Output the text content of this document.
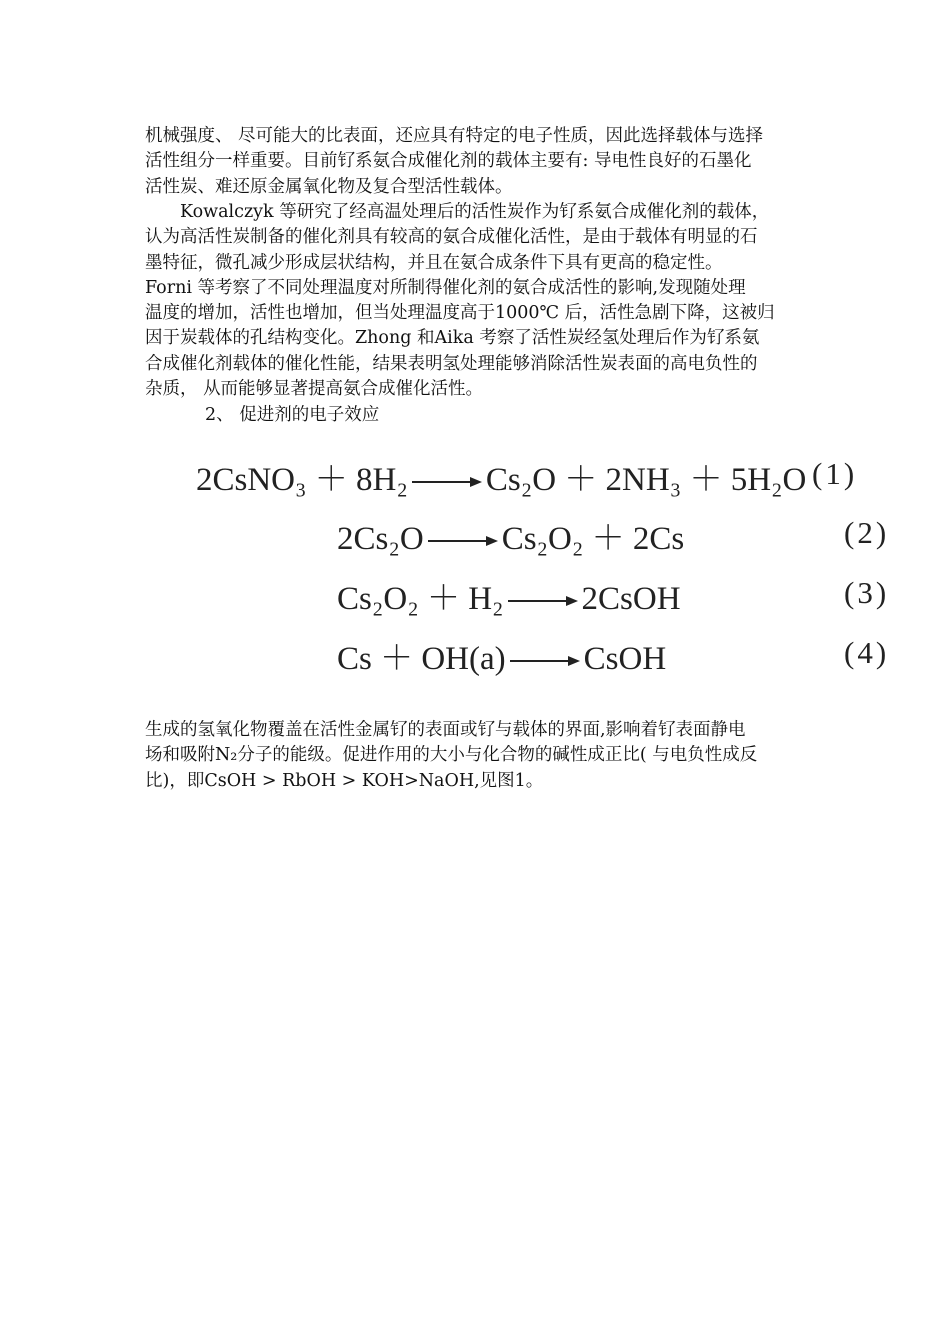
机械强度、 尽可能大的比表面，还应具有特定的电子性质，因此选择载体与选择
活性组分一样重要。目前钌系氨合成催化剂的载体主要有: 导电性良好的石墨化
活性炭、难还原金属氧化物及复合型活性载体。

　　Kowalczyk 等研究了经高温处理后的活性炭作为钌系氨合成催化剂的载体，
认为高活性炭制备的催化剂具有较高的氨合成催化活性，是由于载体有明显的石
墨特征，微孔减少形成层状结构，并且在氨合成条件下具有更高的稳定性。
Forni 等考察了不同处理温度对所制得催化剂的氨合成活性的影响,发现随处理
温度的增加，活性也增加，但当处理温度高于1000℃ 后，活性急剧下降，这被归
因于炭载体的孔结构变化。Zhong 和Aika 考察了活性炭经氢处理后作为钌系氨
合成催化剂载体的催化性能，结果表明氢处理能够消除活性炭表面的高电负性的
杂质， 从而能够显著提高氨合成催化活性。

2、 促进剂的电子效应
2CsNO₃ ＋ 8H₂ Cs₂O ＋ 2NH₃ ＋ 5H₂O (1)
2Cs₂O Cs₂O₂ ＋ 2Cs	(2)
Cs₂O₂ ＋ H₂ 2CsOH	(3)
Cs ＋ OH(a) CsOH	(4)

生成的氢氧化物覆盖在活性金属钌的表面或钌与载体的界面,影响着钌表面静电
场和吸附N₂分子的能级。促进作用的大小与化合物的碱性成正比( 与电负性成反
比)，即CsOH > RbOH > KOH>NaOH,见图1。
